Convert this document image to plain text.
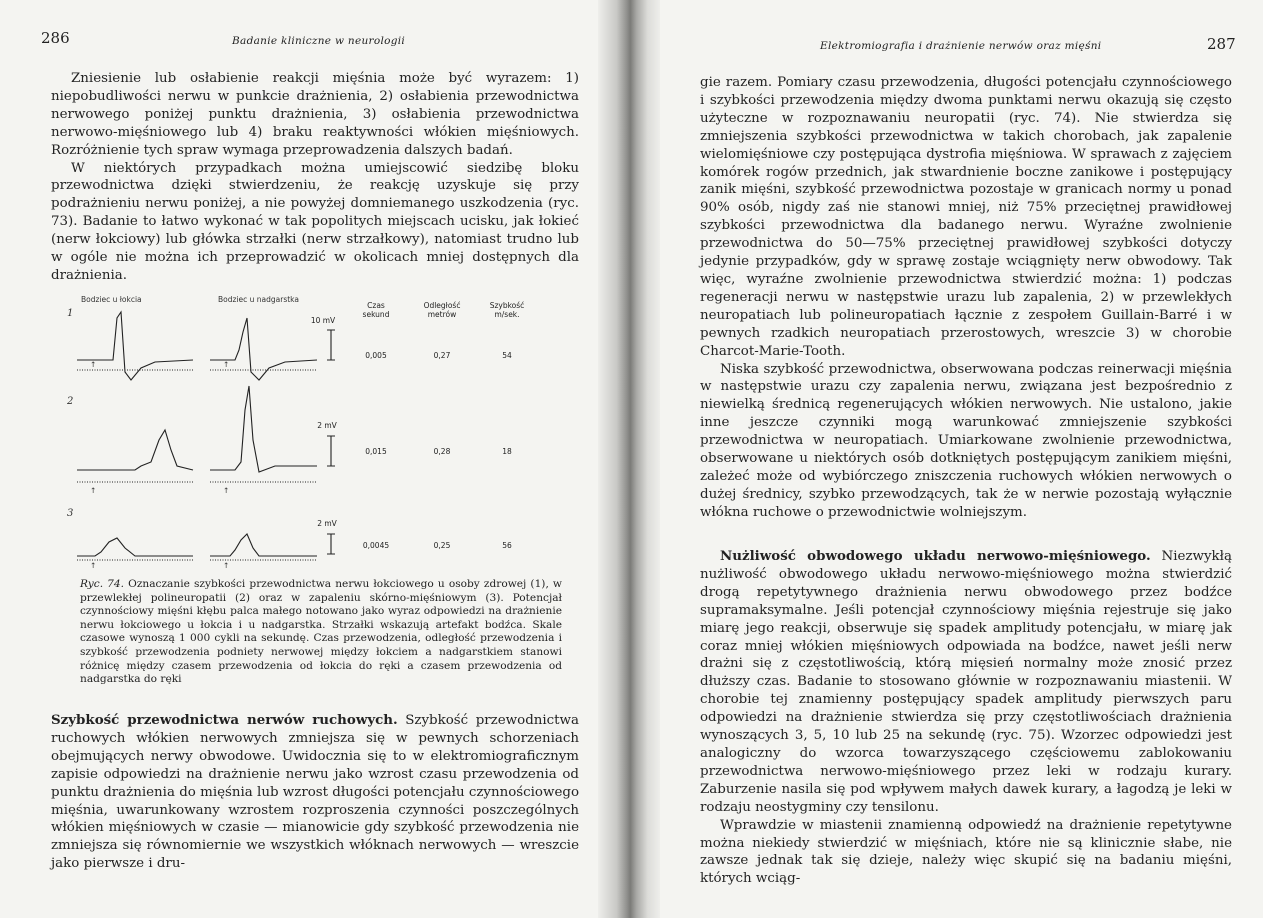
286	Badanie kliniczne w neurologii

Zniesienie lub osłabienie reakcji mięśnia może być wyrazem: 1) niepobudliwości nerwu w punkcie drażnienia, 2) osłabienia przewodnictwa nerwowego poniżej punktu drażnienia, 3) osłabienia przewodnictwa nerwowo-mięśniowego lub 4) braku reaktywności włókien mięśniowych. Rozróżnienie tych spraw wymaga przeprowadzenia dalszych badań.

W niektórych przypadkach można umiejscowić siedzibę bloku przewodnictwa dzięki stwierdzeniu, że reakcję uzyskuje się przy podrażnieniu nerwu poniżej, a nie powyżej domniemanego uszkodzenia (ryc. 73). Badanie to łatwo wykonać w tak popolitych miejscach ucisku, jak łokieć (nerw łokciowy) lub główka strzałki (nerw strzałkowy), natomiast trudno lub w ogóle nie można ich przeprowadzić w okolicach mniej dostępnych dla drażnienia.

Bodziec u łokcia	Bodziec u nadgarstka
Czas
sekund
Odległość
metrów
Szybkość
m/sek.
1
10 mV
↑	↑
0,005	0,27	54
2
2 mV
↑	↑
0,015	0,28	18
3
2 mV
↑	↑
0,0045	0,25	56
Ryc. 74. Oznaczanie szybkości przewodnictwa nerwu łokciowego u osoby zdrowej (1), w przewlekłej polineuropatii (2) oraz w zapaleniu skórno-mięśniowym (3). Potencjał czynnościowy mięśni kłębu palca małego notowano jako wyraz odpowiedzi na drażnienie nerwu łokciowego u łokcia i u nadgarstka. Strzałki wskazują artefakt bodźca. Skale czasowe wynoszą 1 000 cykli na sekundę. Czas przewodzenia, odległość przewodzenia i szybkość przewodzenia podniety nerwowej między łokciem a nadgarstkiem stanowi różnicę między czasem przewodzenia od łokcia do ręki a czasem przewodzenia od nadgarstka do ręki

Szybkość przewodnictwa nerwów ruchowych. Szybkość przewodnictwa ruchowych włókien nerwowych zmniejsza się w pewnych schorzeniach obejmujących nerwy obwodowe. Uwidocznia się to w elektromiograficznym zapisie odpowiedzi na drażnienie nerwu jako wzrost czasu przewodzenia od punktu drażnienia do mięśnia lub wzrost długości potencjału czynnościowego mięśnia, uwarunkowany wzrostem rozproszenia czynności poszczególnych włókien mięśniowych w czasie — mianowicie gdy szybkość przewodzenia nie zmniejsza się równomiernie we wszystkich włóknach nerwowych — wreszcie jako pierwsze i dru-

Elektromiografia i drażnienie nerwów oraz mięśni	287

gie razem. Pomiary czasu przewodzenia, długości potencjału czynnościowego i szybkości przewodzenia między dwoma punktami nerwu okazują się często użyteczne w rozpoznawaniu neuropatii (ryc. 74). Nie stwierdza się zmniejszenia szybkości przewodnictwa w takich chorobach, jak zapalenie wielomięśniowe czy postępująca dystrofia mięśniowa. W sprawach z zajęciem komórek rogów przednich, jak stwardnienie boczne zanikowe i postępujący zanik mięśni, szybkość przewodnictwa pozostaje w granicach normy u ponad 90% osób, nigdy zaś nie stanowi mniej, niż 75% przeciętnej prawidłowej szybkości przewodnictwa dla badanego nerwu. Wyraźne zwolnienie przewodnictwa do 50—75% przeciętnej prawidłowej szybkości dotyczy jedynie przypadków, gdy w sprawę zostaje wciągnięty nerw obwodowy. Tak więc, wyraźne zwolnienie przewodnictwa stwierdzić można: 1) podczas regeneracji nerwu w następstwie urazu lub zapalenia, 2) w przewlekłych neuropatiach lub polineuropatiach łącznie z zespołem Guillain-Barré i w pewnych rzadkich neuropatiach przerostowych, wreszcie 3) w chorobie Charcot-Marie-Tooth.

Niska szybkość przewodnictwa, obserwowana podczas reinerwacji mięśnia w następstwie urazu czy zapalenia nerwu, związana jest bezpośrednio z niewielką średnicą regenerujących włókien nerwowych. Nie ustalono, jakie inne jeszcze czynniki mogą warunkować zmniejszenie szybkości przewodnictwa w neuropatiach. Umiarkowane zwolnienie przewodnictwa, obserwowane u niektórych osób dotkniętych postępującym zanikiem mięśni, zależeć może od wybiórczego zniszczenia ruchowych włókien nerwowych o dużej średnicy, szybko przewodzących, tak że w nerwie pozostają wyłącznie włókna ruchowe o przewodnictwie wolniejszym.

Nużliwość obwodowego układu nerwowo-mięśniowego. Niezwykłą nużliwość obwodowego układu nerwowo-mięśniowego można stwierdzić drogą repetytywnego drażnienia nerwu obwodowego przez bodźce supramaksymalne. Jeśli potencjał czynnościowy mięśnia rejestruje się jako miarę jego reakcji, obserwuje się spadek amplitudy potencjału, w miarę jak coraz mniej włókien mięśniowych odpowiada na bodźce, nawet jeśli nerw drażni się z częstotliwością, którą mięsień normalny może znosić przez dłuższy czas. Badanie to stosowano głównie w rozpoznawaniu miastenii. W chorobie tej znamienny postępujący spadek amplitudy pierwszych paru odpowiedzi na drażnienie stwierdza się przy częstotliwościach drażnienia wynoszących 3, 5, 10 lub 25 na sekundę (ryc. 75). Wzorzec odpowiedzi jest analogiczny do wzorca towarzyszącego częściowemu zablokowaniu przewodnictwa nerwowo-mięśniowego przez leki w rodzaju kurary. Zaburzenie nasila się pod wpływem małych dawek kurary, a łagodzą je leki w rodzaju neostygminy czy tensilonu.

Wprawdzie w miastenii znamienną odpowiedź na drażnienie repetytywne można niekiedy stwierdzić w mięśniach, które nie są klinicznie słabe, nie zawsze jednak tak się dzieje, należy więc skupić się na badaniu mięśni, których wciąg-
